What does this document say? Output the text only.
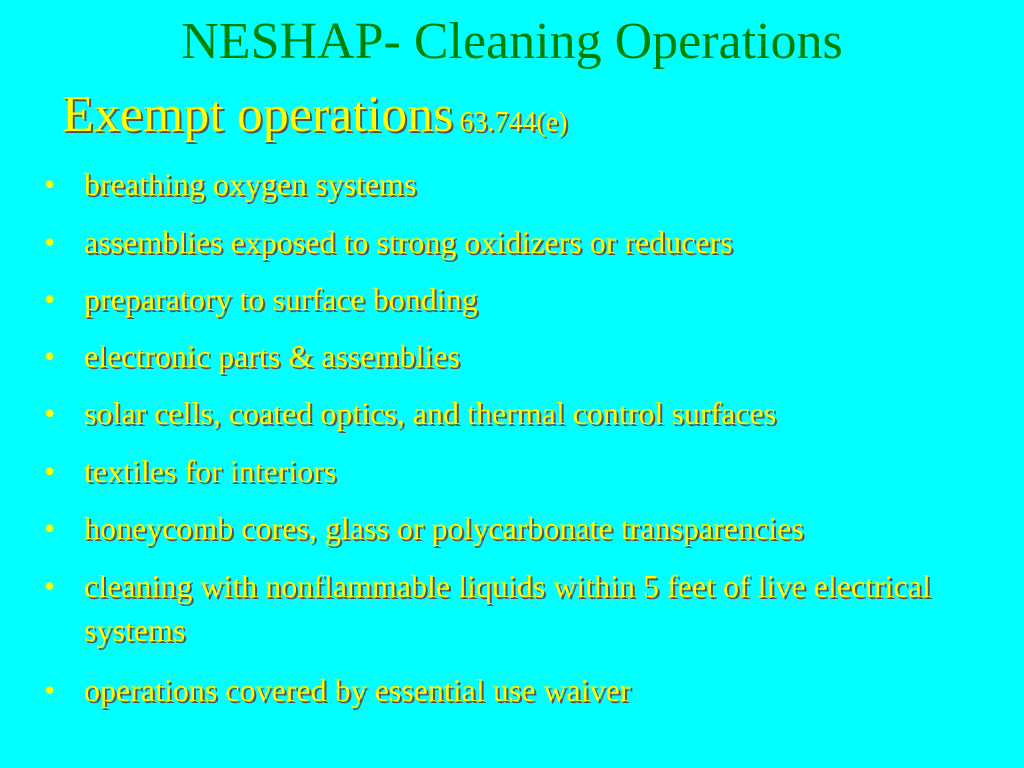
NESHAP- Cleaning Operations
Exempt operations 63.744(e)
• breathing oxygen systems
• assemblies exposed to strong oxidizers or reducers
• preparatory to surface bonding
• electronic parts & assemblies
• solar cells, coated optics, and thermal control surfaces
• textiles for interiors
• honeycomb cores, glass or polycarbonate transparencies
• cleaning with nonflammable liquids within 5 feet of live electrical systems
• operations covered by essential use waiver
